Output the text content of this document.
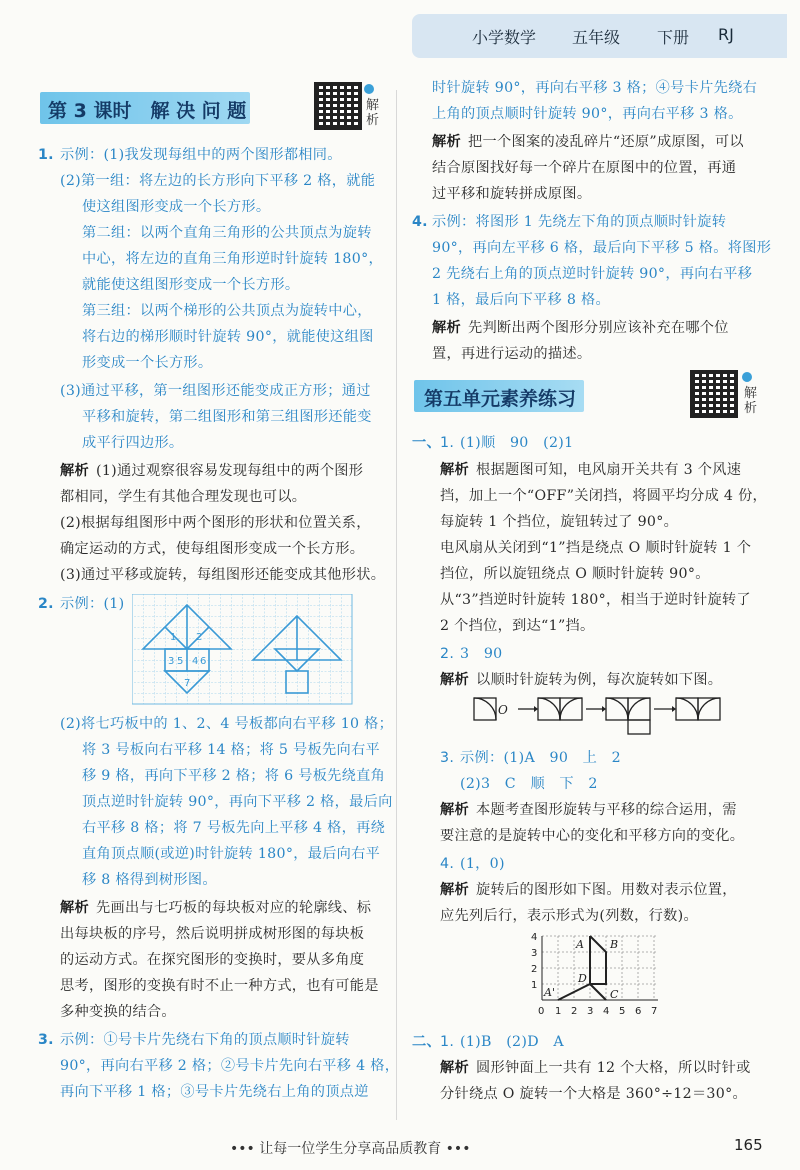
小学数学 五年级 下册 RJ
第 3 课时　解 决 问 题	解析
第五单元素养练习	解析
1. 示例：(1)我发现每组中的两个图形都相同。
(2)第一组：将左边的长方形向下平移 2 格，就能
使这组图形变成一个长方形。
第二组：以两个直角三角形的公共顶点为旋转
中心，将左边的直角三角形逆时针旋转 180°，
就能使这组图形变成一个长方形。
第三组：以两个梯形的公共顶点为旋转中心，
将右边的梯形顺时针旋转 90°，就能使这组图
形变成一个长方形。
(3)通过平移，第一组图形还能变成正方形；通过
平移和旋转，第二组图形和第三组图形还能变
成平行四边形。
解析 (1)通过观察很容易发现每组中的两个图形
都相同，学生有其他合理发现也可以。
(2)根据每组图形中两个图形的形状和位置关系，
确定运动的方式，使每组图形变成一个长方形。
(3)通过平移或旋转，每组图形还能变成其他形状。
2. 示例：(1)
1 2
3 4
5 6
7
(2)将七巧板中的 1、2、4 号板都向右平移 10 格；
将 3 号板向右平移 14 格；将 5 号板先向右平
移 9 格，再向下平移 2 格；将 6 号板先绕直角
顶点逆时针旋转 90°，再向下平移 2 格，最后向
右平移 8 格；将 7 号板先向上平移 4 格，再绕
直角顶点顺(或逆)时针旋转 180°，最后向右平
移 8 格得到树形图。
解析 先画出与七巧板的每块板对应的轮廓线、标
出每块板的序号，然后说明拼成树形图的每块板
的运动方式。在探究图形的变换时，要从多角度
思考，图形的变换有时不止一种方式，也有可能是
多种变换的结合。
3. 示例：①号卡片先绕右下角的顶点顺时针旋转
90°，再向右平移 2 格；②号卡片先向右平移 4 格，
再向下平移 1 格；③号卡片先绕右上角的顶点逆
时针旋转 90°，再向右平移 3 格；④号卡片先绕右
上角的顶点顺时针旋转 90°，再向右平移 3 格。
解析 把一个图案的凌乱碎片“还原”成原图，可以
结合原图找好每一个碎片在原图中的位置，再通
过平移和旋转拼成原图。
4. 示例：将图形 1 先绕左下角的顶点顺时针旋转
90°，再向左平移 6 格，最后向下平移 5 格。将图形
2 先绕右上角的顶点逆时针旋转 90°，再向右平移
1 格，最后向下平移 8 格。
解析 先判断出两个图形分别应该补充在哪个位
置，再进行运动的描述。
一、 1. (1)顺　90　(2)1
解析 根据题图可知，电风扇开关共有 3 个风速
挡，加上一个“OFF”关闭挡，将圆平均分成 4 份，
每旋转 1 个挡位，旋钮转过了 90°。
电风扇从关闭到“1”挡是绕点 O 顺时针旋转 1 个
挡位，所以旋钮绕点 O 顺时针旋转 90°。
从“3”挡逆时针旋转 180°，相当于逆时针旋转了
2 个挡位，到达“1”挡。
2. 3　90
解析 以顺时针旋转为例，每次旋转如下图。
O
3. 示例：(1)A　90　上　2
(2)3　C　顺　下　2
解析 本题考查图形旋转与平移的综合运用，需
要注意的是旋转中心的变化和平移方向的变化。
4. (1，0)
解析 旋转后的图形如下图。用数对表示位置，
应先列后行，表示形式为(列数，行数)。
A B
D
C
A'
1
2
3
4
0 1 2 3 4 5 6 7
二、 1. (1)B　(2)D　A
解析 圆形钟面上一共有 12 个大格，所以时针或
分针绕点 O 旋转一个大格是 360°÷12＝30°。
••• 让每一位学生分享高品质教育 •••	165
